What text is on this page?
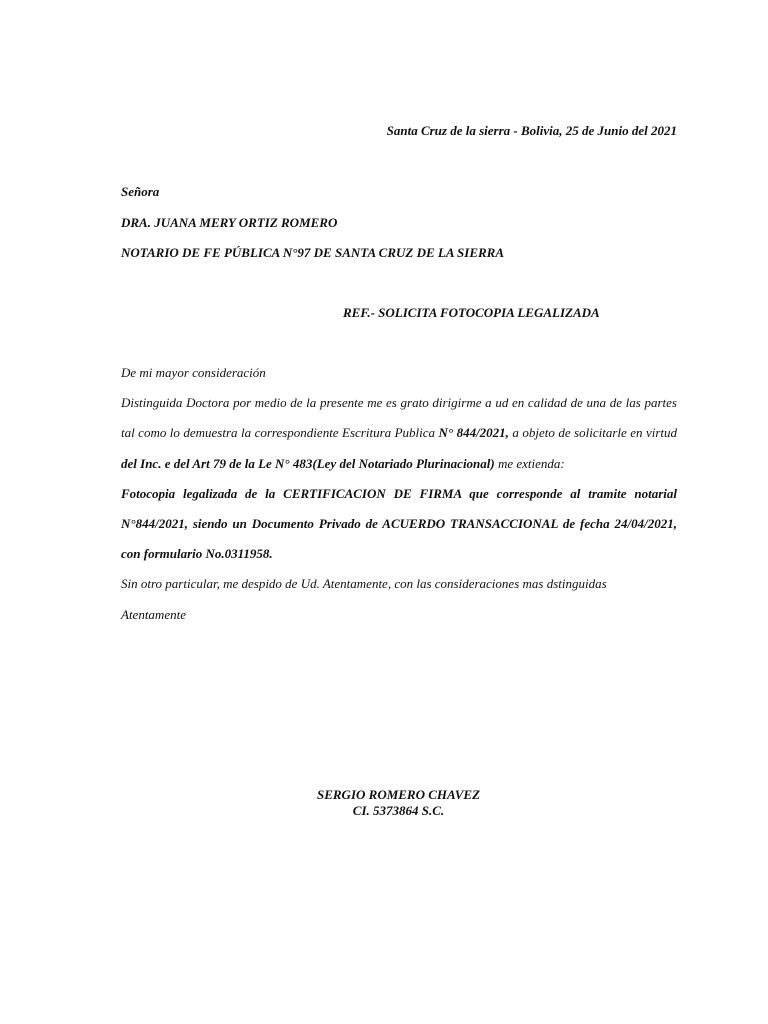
Santa Cruz de la sierra - Bolivia, 25 de Junio del 2021

Señora

DRA. JUANA MERY ORTIZ ROMERO

NOTARIO DE FE PÚBLICA N°97 DE SANTA CRUZ DE LA SIERRA

REF.- SOLICITA FOTOCOPIA LEGALIZADA

De mi mayor consideración

Distinguida Doctora por medio de la presente me es grato dirigirme a ud en calidad de una de las partes tal como lo demuestra la correspondiente Escritura Publica N° 844/2021, a objeto de solicitarle en virtud del Inc. e del Art 79 de la Le N° 483(Ley del Notariado Plurinacional) me extienda:

Fotocopia legalizada de la CERTIFICACION DE FIRMA que corresponde al tramite notarial N°844/2021, siendo un Documento Privado de ACUERDO TRANSACCIONAL de fecha 24/04/2021, con formulario No.0311958.

Sin otro particular, me despido de Ud. Atentamente, con las consideraciones mas dstinguidas

Atentamente

SERGIO ROMERO CHAVEZ
CI. 5373864 S.C.
